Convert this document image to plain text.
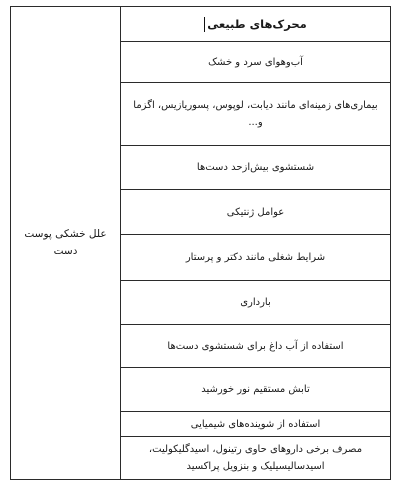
محرک‌های طبیعی	علل خشکی پوست دست
آب‌وهوای سرد و خشک
بیماری‌های زمینه‌ای مانند دیابت، لوپوس، پسوریازیس، اگزما و...
شستشوی بیش‌ازحد دست‌ها
عوامل ژنتیکی
شرایط شغلی مانند دکتر و پرستار
بارداری
استفاده از آب داغ برای شستشوی دست‌ها
تابش مستقیم نور خورشید
استفاده از شوینده‌های شیمیایی
مصرف برخی داروهای حاوی رتینول، اسیدگلیکولیت، اسیدسالیسیلیک و بنزویل پراکسید
